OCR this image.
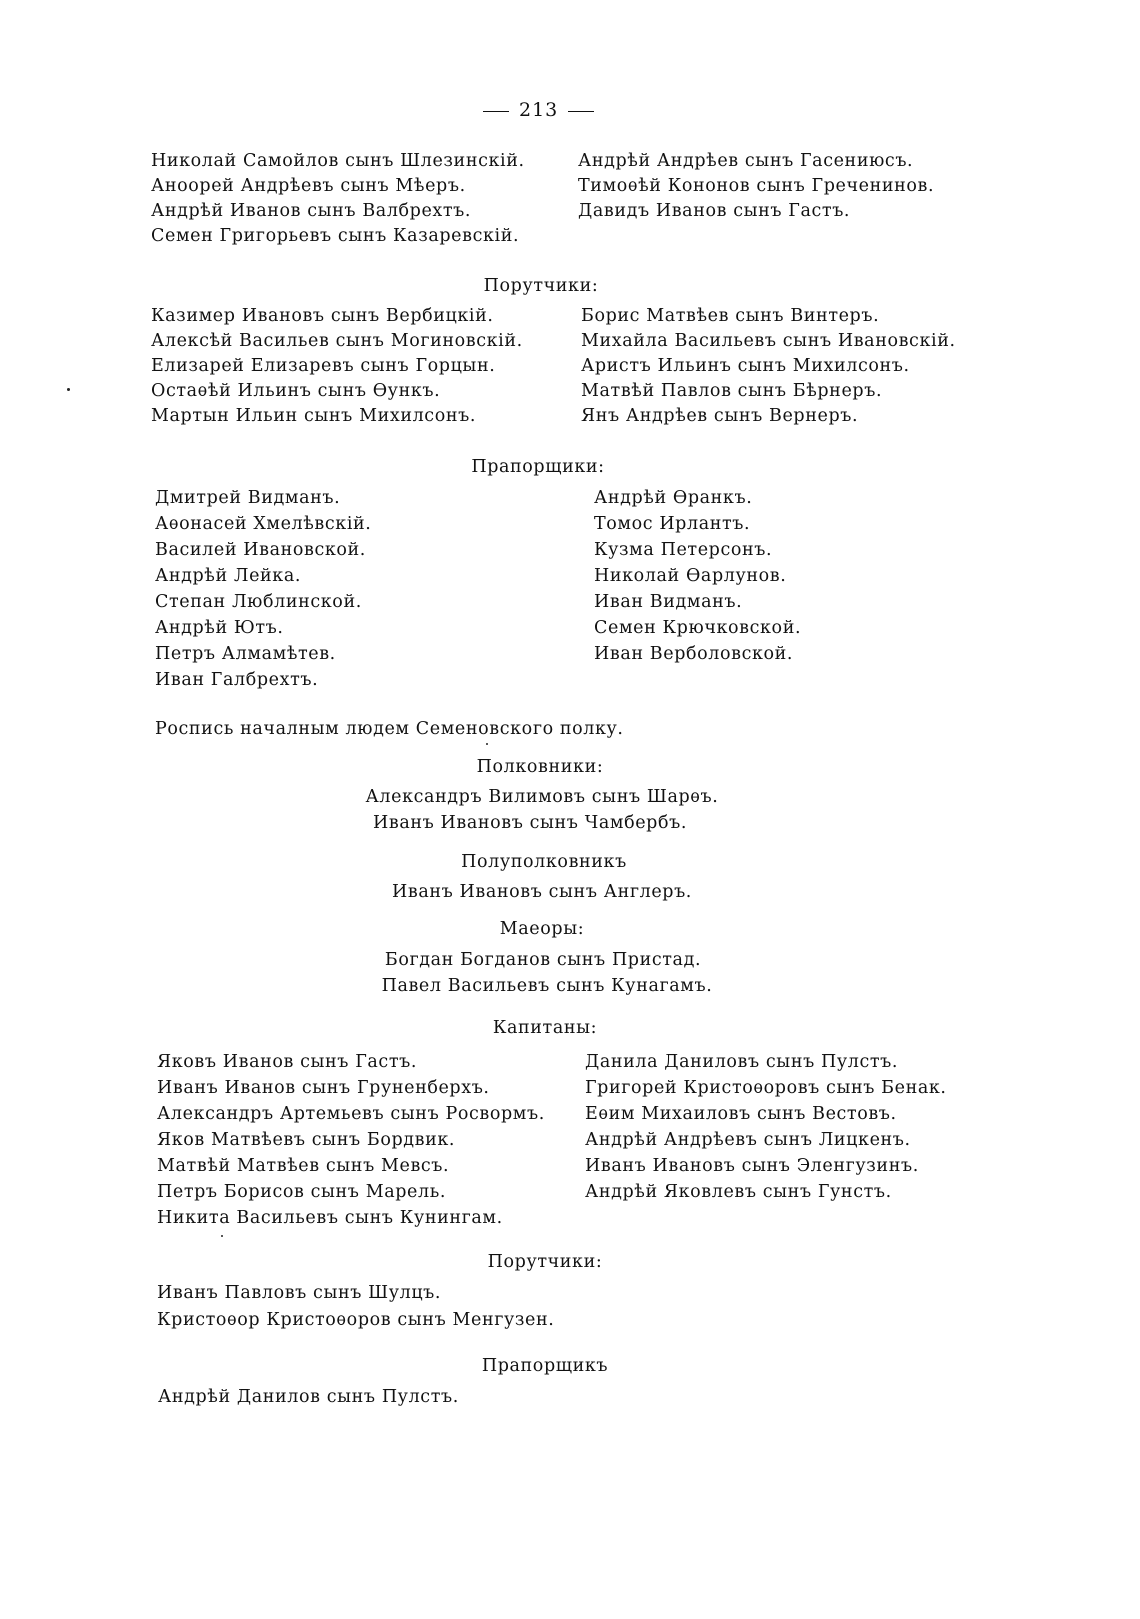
213
Николай Самойлов сынъ Шлезинскій.
Анооpей Андрѣевъ сынъ Мѣеръ.
Андрѣй Иванов сынъ Валбрехтъ.
Семен Григорьевъ сынъ Казаревскій.
Андрѣй Андрѣев сынъ Гасениюсъ.
Тимоѳѣй Кононов сынъ Греченинов.
Давидъ Иванов сынъ Гастъ.
Порутчики:
Казимер Ивановъ сынъ Вербицкій.
Алексѣй Васильев сынъ Могиновскій.
Елизарей Елизаревъ сынъ Горцын.
Остаѳѣй Ильинъ сынъ Ѳункъ.
Мартын Ильин сынъ Михилсонъ.
Борис Матвѣев сынъ Винтеръ.
Михайла Васильевъ сынъ Ивановскій.
Аристъ Ильинъ сынъ Михилсонъ.
Матвѣй Павлов сынъ Бѣрнеръ.
Янъ Андрѣев сынъ Вернеръ.
Прапорщики:
Дмитрей Видманъ.
Аѳонасей Хмелѣвскій.
Василей Ивановской.
Андрѣй Лейка.
Степан Люблинской.
Андрѣй Ютъ.
Петръ Алмамѣтев.
Иван Галбрехтъ.
Андрѣй Ѳранкъ.
Томос Ирлантъ.
Кузма Петерсонъ.
Николай Ѳарлунов.
Иван Видманъ.
Семен Крючковской.
Иван Верболовской.
Роспись началным людем Семеновского полку.
Полковники:
Александръ Вилимовъ сынъ Шарѳъ.
Иванъ Ивановъ сынъ Чамбербъ.
Полуполковникъ
Иванъ Ивановъ сынъ Англеръ.
Маеоры:
Богдан Богданов сынъ Пристад.
Павел Васильевъ сынъ Кунагамъ.
Капитаны:
Яковъ Иванов сынъ Гастъ.
Иванъ Иванов сынъ Груненберхъ.
Александръ Артемьевъ сынъ Росвормъ.
Яков Матвѣевъ сынъ Бордвик.
Матвѣй Матвѣев сынъ Мевсъ.
Петръ Борисов сынъ Марель.
Никита Васильевъ сынъ Кунингам.
Данила Даниловъ сынъ Пулстъ.
Григорей Кристоѳоровъ сынъ Бенак.
Еѳим Михаиловъ сынъ Вестовъ.
Андрѣй Андрѣевъ сынъ Лицкенъ.
Иванъ Ивановъ сынъ Эленгузинъ.
Андрѣй Яковлевъ сынъ Гунстъ.
Порутчики:
Иванъ Павловъ сынъ Шулцъ.
Кристоѳор Кристоѳоров сынъ Менгузен.
Прапорщикъ
Андрѣй Данилов сынъ Пулстъ.
